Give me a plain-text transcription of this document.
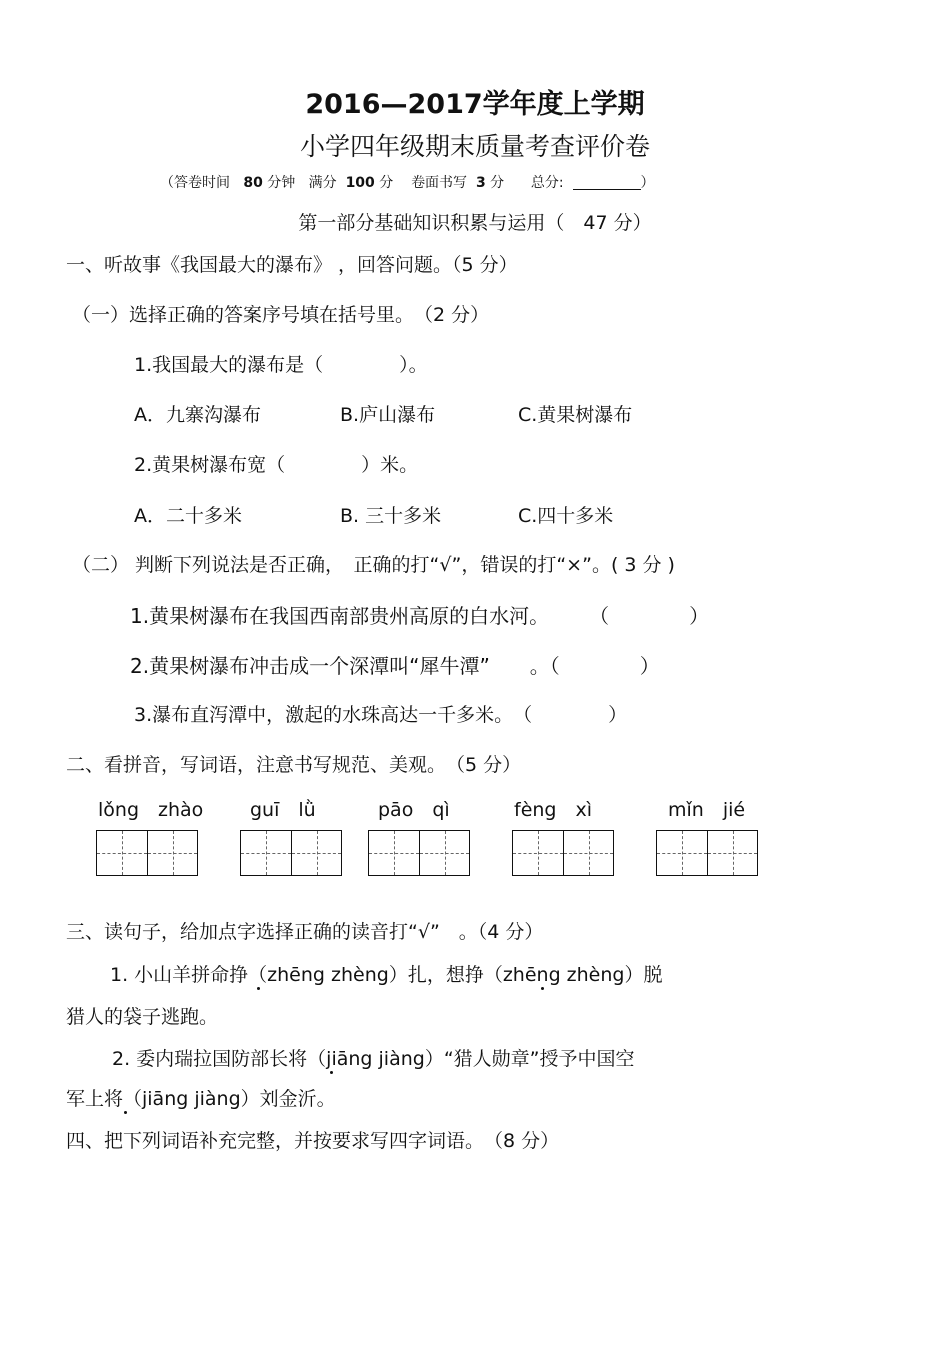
2016—2017学年度上学期
小学四年级期末质量考查评价卷
（答卷时间 80 分钟 满分 100 分 卷面书写 3 分 总分:	）
第一部分基础知识积累与运用（　47 分）
一、听故事《我国最大的瀑布》 ，回答问题。（5 分）
（一）选择正确的答案序号填在括号里。　（2 分）
1.我国最大的瀑布是（　　　　）。
A．九寨沟瀑布	B.庐山瀑布	C.黄果树瀑布
2.黄果树瀑布宽（　　　　）米。
A．二十多米	B. 三十多米	C.四十多米
（二） 判断下列说法是否正确，　正确的打“√”，错误的打“×”。( 3 分 )
1.黄果树瀑布在我国西南部贵州高原的白水河。　　　（　　　　）
2.黄果树瀑布冲击成一个深潭叫“犀牛潭”　　。（　　　　）
3.瀑布直泻潭中，激起的水珠高达一千多米。　（　　　　）
二、看拼音，写词语，注意书写规范、美观。　（5 分）
lǒng　zhào guī　lǜ	pāo　qì	fèng　xì	mǐn　jié
三、读句子，给加点字选择正确的读音打“√”　。（4 分）
1. 小山羊拼命挣（zhēng zhèng）扎，想挣（zhēng zhèng）脱
猎人的袋子逃跑。
2. 委内瑞拉国防部长将（jiāng jiàng）“猎人勋章”授予中国空
军上将（jiāng jiàng）刘金沂。
四、把下列词语补充完整，并按要求写四字词语。　（8 分）
